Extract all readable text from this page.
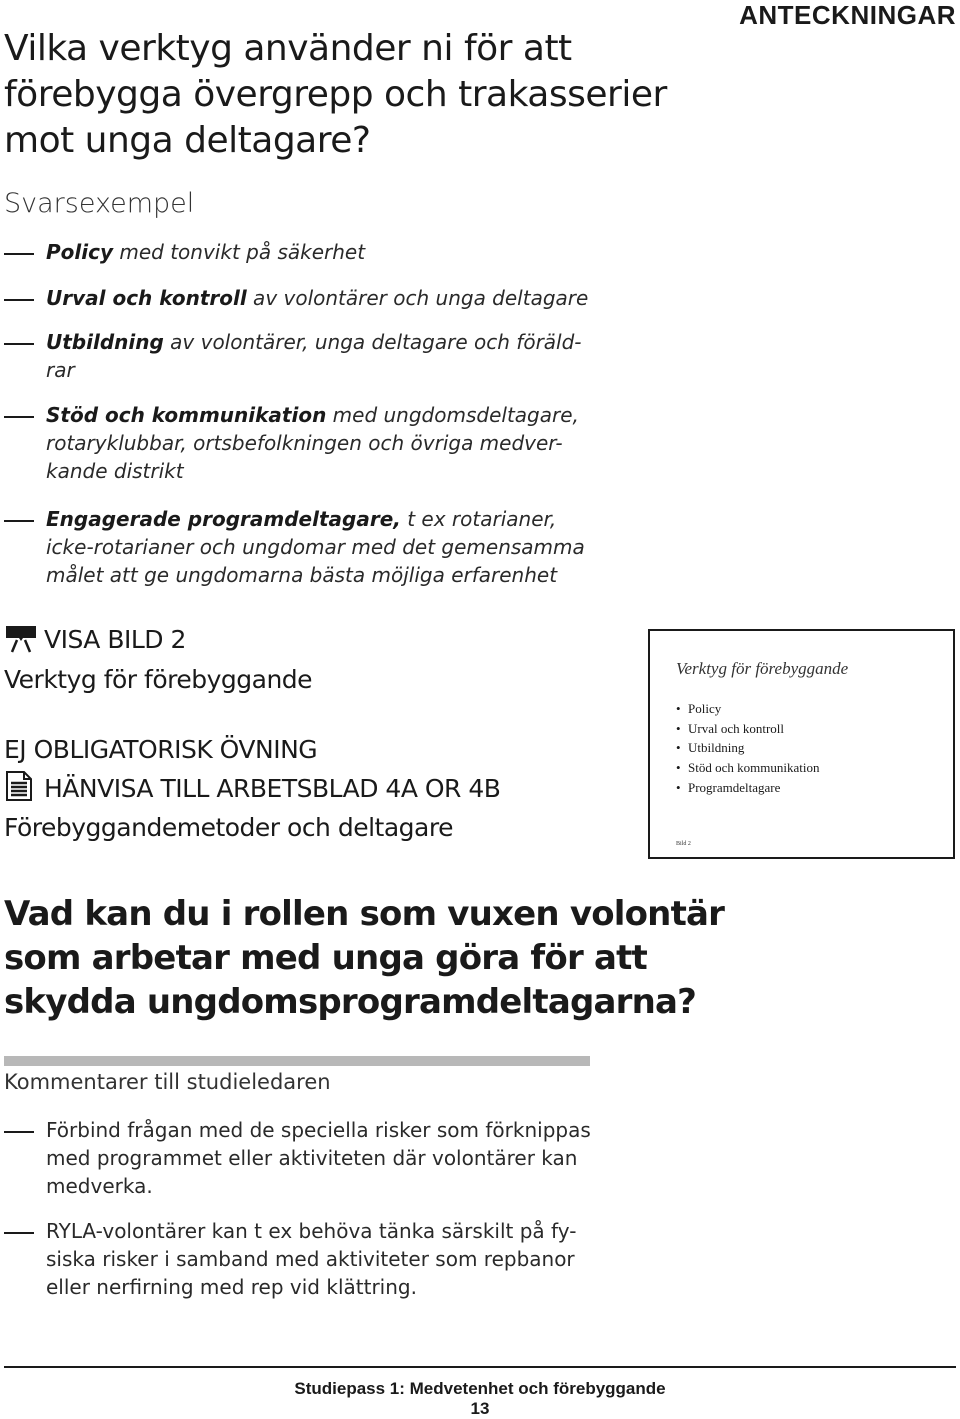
ANTECKNINGAR
Vilka verktyg använder ni för att
förebygga övergrepp och trakasserier
mot unga deltagare?
Svarsexempel
Policy med tonvikt på säkerhet
Urval och kontroll av volontärer och unga deltagare
Utbildning av volontärer, unga deltagare och föräld-rar
Stöd och kommunikation med ungdomsdeltagare, rotaryklubbar, ortsbefolkningen och övriga medver-kande distrikt
Engagerade programdeltagare, t ex rotarianer, icke-rotarianer och ungdomar med det gemensamma målet att ge ungdomarna bästa möjliga erfarenhet
VISA BILD 2
Verktyg för förebyggande
EJ OBLIGATORISK ÖVNING
HÄNVISA TILL ARBETSBLAD 4A OR 4B
Förebyggandemetoder och deltagare
Verktyg för förebyggande
• Policy
• Urval och kontroll
• Utbildning
• Stöd och kommunikation
• Programdeltagare
Bild 2
Vad kan du i rollen som vuxen volontär
som arbetar med unga göra för att
skydda ungdomsprogramdeltagarna?
Kommentarer till studieledaren
Förbind frågan med de speciella risker som förknippas med programmet eller aktiviteten där volontärer kan medverka.
RYLA-volontärer kan t ex behöva tänka särskilt på fy-siska risker i samband med aktiviteter som repbanor eller nerfirning med rep vid klättring.
Studiepass 1: Medvetenhet och förebyggande
13
